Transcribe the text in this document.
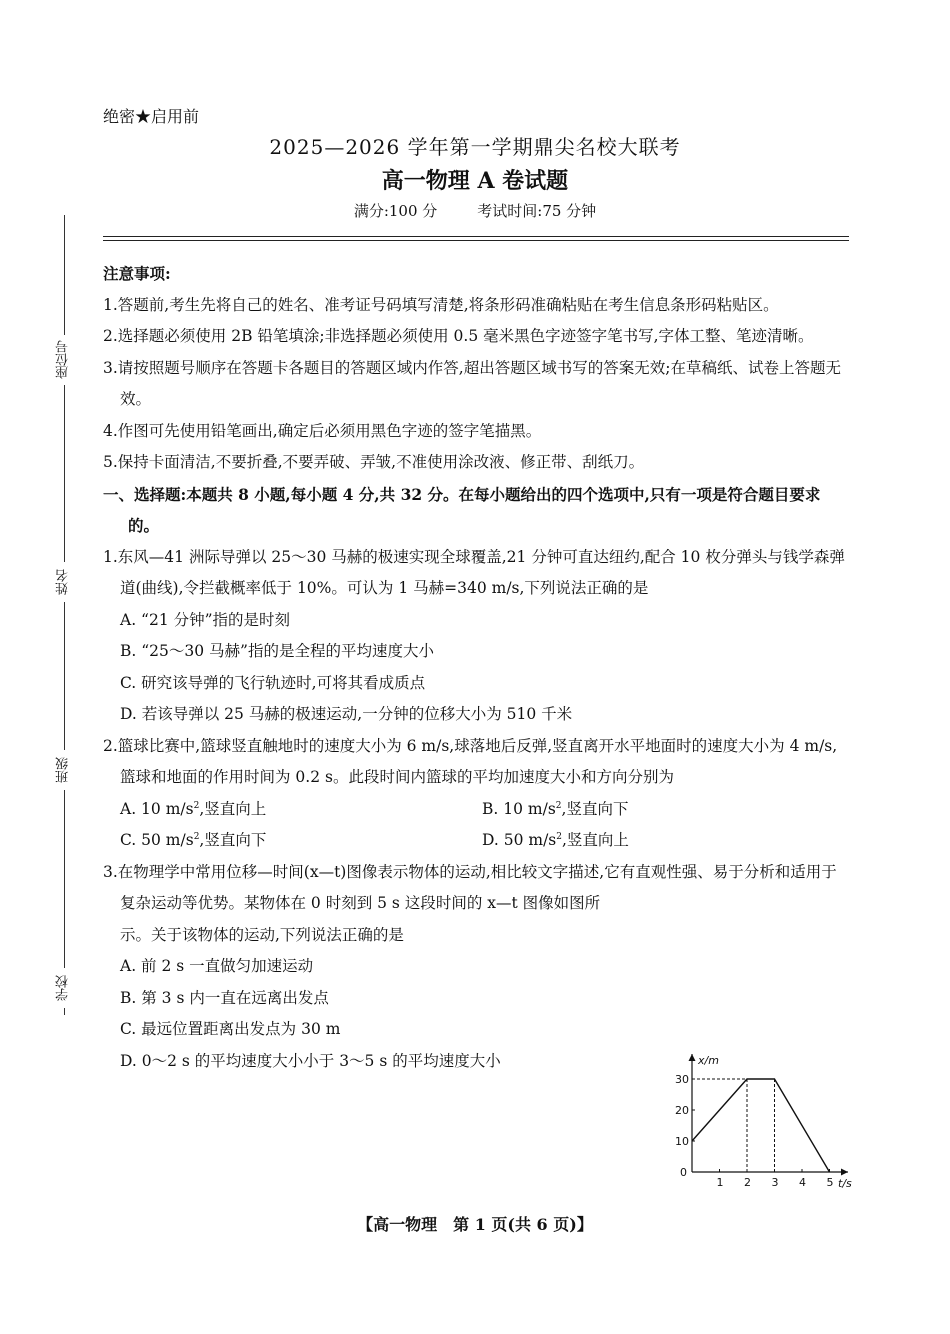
绝密★启用前
2025—2026 学年第一学期鼎尖名校大联考
高一物理 A 卷试题
满分:100 分	考试时间:75 分钟
座位号
姓名
班级
学校

注意事项:

1.答题前,考生先将自己的姓名、准考证号码填写清楚,将条形码准确粘贴在考生信息条形码粘贴区。

2.选择题必须使用 2B 铅笔填涂;非选择题必须使用 0.5 毫米黑色字迹签字笔书写,字体工整、笔迹清晰。

3.请按照题号顺序在答题卡各题目的答题区域内作答,超出答题区域书写的答案无效;在草稿纸、试卷上答题无效。

4.作图可先使用铅笔画出,确定后必须用黑色字迹的签字笔描黑。

5.保持卡面清洁,不要折叠,不要弄破、弄皱,不准使用涂改液、修正带、刮纸刀。

一、选择题:本题共 8 小题,每小题 4 分,共 32 分。在每小题给出的四个选项中,只有一项是符合题目要求的。

1.东风—41 洲际导弹以 25～30 马赫的极速实现全球覆盖,21 分钟可直达纽约,配合 10 枚分弹头与钱学森弹道(曲线),令拦截概率低于 10%。可认为 1 马赫=340 m/s,下列说法正确的是

A. “21 分钟”指的是时刻

B. “25～30 马赫”指的是全程的平均速度大小

C. 研究该导弹的飞行轨迹时,可将其看成质点

D. 若该导弹以 25 马赫的极速运动,一分钟的位移大小为 510 千米

2.篮球比赛中,篮球竖直触地时的速度大小为 6 m/s,球落地后反弹,竖直离开水平地面时的速度大小为 4 m/s,篮球和地面的作用时间为 0.2 s。此段时间内篮球的平均加速度大小和方向分别为

A. 10 $m/s^2$,竖直向上	B. 10 $m/s^2$,竖直向下
C. 50 $m/s^2$,竖直向下	D. 50 $m/s^2$,竖直向上

3.在物理学中常用位移—时间(x—t)图像表示物体的运动,相比较文字描述,它有直观性强、易于分析和适用于复杂运动等优势。某物体在 0 时刻到 5 s 这段时间的 x—t 图像如图所

示。关于该物体的运动,下列说法正确的是

A. 前 2 s 一直做匀加速运动

B. 第 3 s 内一直在远离出发点

C. 最远位置距离出发点为 30 m

D. 0～2 s 的平均速度大小小于 3～5 s 的平均速度大小	x/m
t/s
0
1 2 3 4 5
10
20
30
【高一物理　第 1 页(共 6 页)】
